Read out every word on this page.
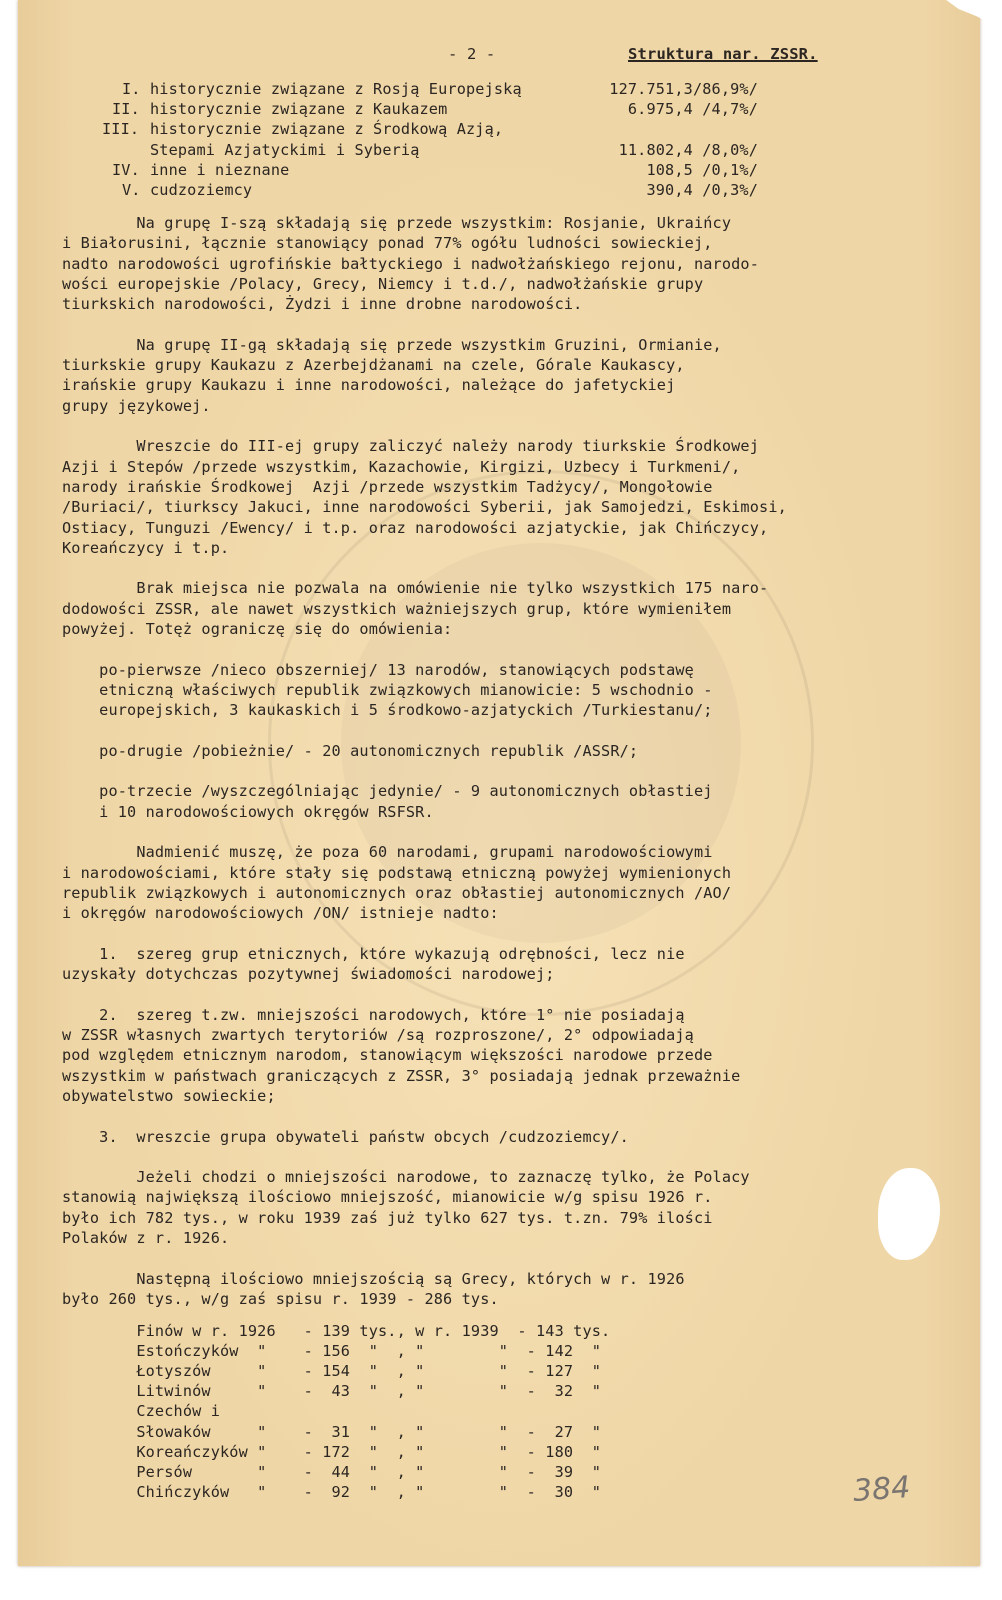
- 2 -	Struktura nar. ZSSR.
I. historycznie związane z Rosją Europejską	127.751,3/86,9%/
II. historycznie związane z Kaukazem	6.975,4 /4,7%/
III. historycznie związane z Środkową Azją,
Stepami Azjatyckimi i Syberią	11.802,4 /8,0%/
IV. inne i nieznane	108,5 /0,1%/
V. cudzoziemcy	390,4 /0,3%/
Na grupę I-szą składają się przede wszystkim: Rosjanie, Ukraińcy
i Białorusini, łącznie stanowiący ponad 77% ogółu ludności sowieckiej,
nadto narodowości ugrofińskie bałtyckiego i nadwołżańskiego rejonu, narodo-
wości europejskie /Polacy, Grecy, Niemcy i t.d./, nadwołżańskie grupy
tiurkskich narodowości, Żydzi i inne drobne narodowości.
Na grupę II-gą składają się przede wszystkim Gruzini, Ormianie,
tiurkskie grupy Kaukazu z Azerbejdżanami na czele, Górale Kaukascy,
irańskie grupy Kaukazu i inne narodowości, należące do jafetyckiej
grupy językowej.
Wreszcie do III-ej grupy zaliczyć należy narody tiurkskie Środkowej
Azji i Stepów /przede wszystkim, Kazachowie, Kirgizi, Uzbecy i Turkmeni/,
narody irańskie Środkowej  Azji /przede wszystkim Tadżycy/, Mongołowie
/Buriaci/, tiurkscy Jakuci, inne narodowości Syberii, jak Samojedzi, Eskimosi,
Ostiacy, Tunguzi /Ewency/ i t.p. oraz narodowości azjatyckie, jak Chińczycy,
Koreańczycy i t.p.
Brak miejsca nie pozwala na omówienie nie tylko wszystkich 175 naro-
dodowości ZSSR, ale nawet wszystkich ważniejszych grup, które wymieniłem
powyżej. Totęż ograniczę się do omówienia:
po-pierwsze /nieco obszerniej/ 13 narodów, stanowiących podstawę
etniczną właściwych republik związkowych mianowicie: 5 wschodnio -
europejskich, 3 kaukaskich i 5 środkowo-azjatyckich /Turkiestanu/;
po-drugie /pobieżnie/ - 20 autonomicznych republik /ASSR/;
po-trzecie /wyszczególniając jedynie/ - 9 autonomicznych obłastiej
i 10 narodowościowych okręgów RSFSR.
Nadmienić muszę, że poza 60 narodami, grupami narodowościowymi
i narodowościami, które stały się podstawą etniczną powyżej wymienionych
republik związkowych i autonomicznych oraz obłastiej autonomicznych /AO/
i okręgów narodowościowych /ON/ istnieje nadto:
1.  szereg grup etnicznych, które wykazują odrębności, lecz nie
uzyskały dotychczas pozytywnej świadomości narodowej;
2.  szereg t.zw. mniejszości narodowych, które 1° nie posiadają
w ZSSR własnych zwartych terytoriów /są rozproszone/, 2° odpowiadają
pod względem etnicznym narodom, stanowiącym większości narodowe przede
wszystkim w państwach graniczących z ZSSR, 3° posiadają jednak przeważnie
obywatelstwo sowieckie;
3.  wreszcie grupa obywateli państw obcych /cudzoziemcy/.
Jeżeli chodzi o mniejszości narodowe, to zaznaczę tylko, że Polacy
stanowią największą ilościowo mniejszość, mianowicie w/g spisu 1926 r.
było ich 782 tys., w roku 1939 zaś już tylko 627 tys. t.zn. 79% ilości
Polaków z r. 1926.
Następną ilościowo mniejszością są Grecy, których w r. 1926
było 260 tys., w/g zaś spisu r. 1939 - 286 tys.
Finów w r. 1926   - 139 tys., w r. 1939  - 143 tys.
Estończyków  "    - 156  "  , "        "  - 142  "
Łotyszów     "    - 154  "  , "        "  - 127  "
Litwinów     "    -  43  "  , "        "  -  32  "
Czechów i
Słowaków     "    -  31  "  , "        "  -  27  "
Koreańczyków "    - 172  "  , "        "  - 180  "
Persów       "    -  44  "  , "        "  -  39  "
Chińczyków   "    -  92  "  , "        "  -  30  "	384
